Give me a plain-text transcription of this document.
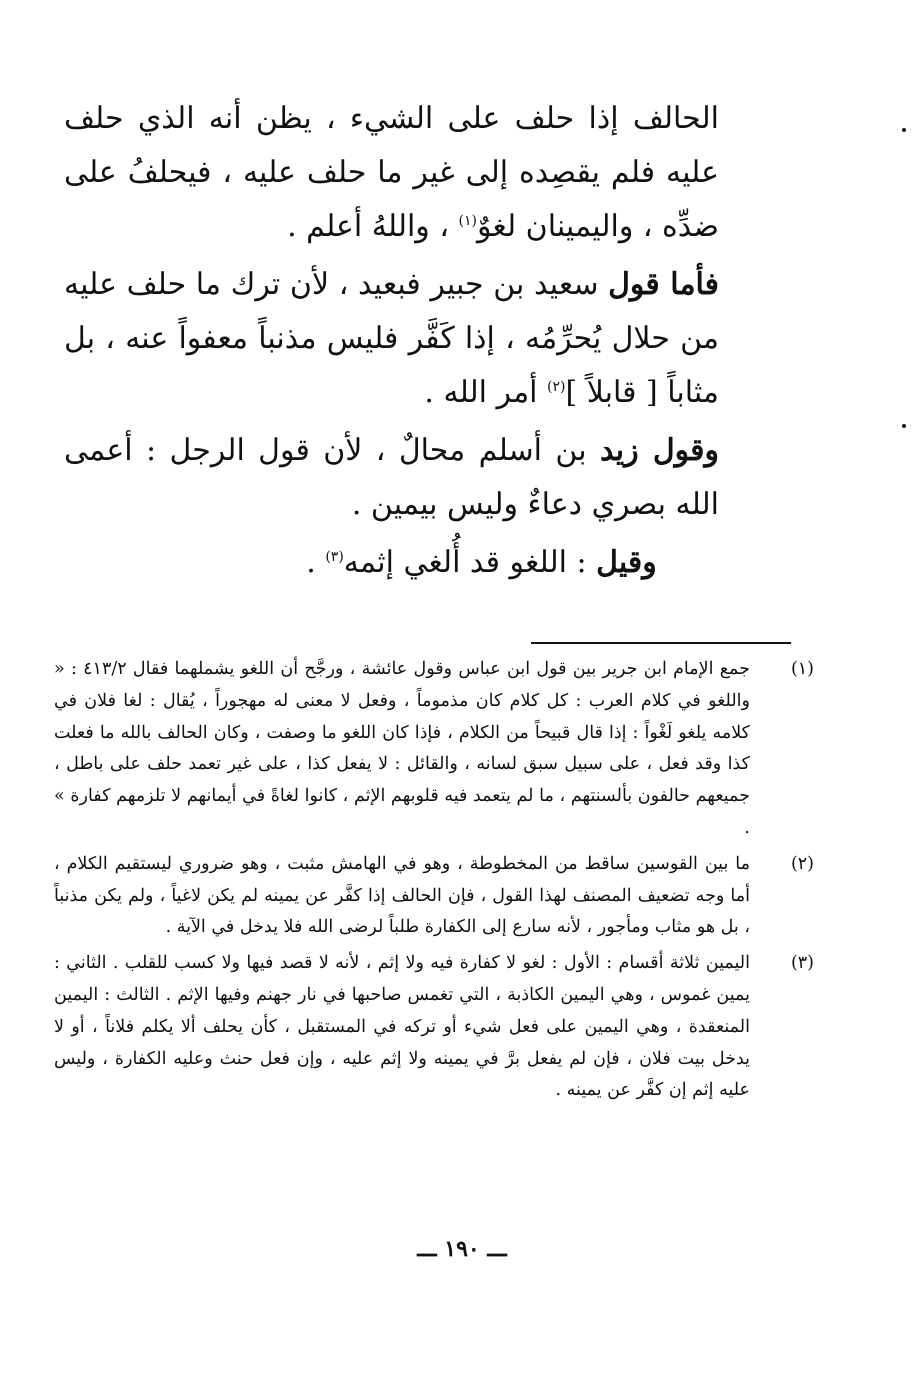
الحالف إذا حلف على الشيء ، يظن أنه الذي حلف عليه فلم يقصِده إلى غير ما حلف عليه ، فيحلفُ على ضدِّه ، واليمينان لغوٌ$^{(١)}$ ، واللهُ أعلم .

فأما قول سعيد بن جبير فبعيد ، لأن ترك ما حلف عليه من حلال يُحرِّمُه ، إذا كَفَّر فليس مذنباً معفواً عنه ، بل مثاباً [ قابلاً ]$^{(٢)}$ أمر الله .

وقول زيد بن أسلم محالٌ ، لأن قول الرجل : أعمى الله بصري دعاءٌ وليس بيمين .

وقيل : اللغو قد أُلغي إثمه$^{(٣)}$ .

(١)
جمع الإمام ابن جرير بين قول ابن عباس وقول عائشة ، ورجَّح أن اللغو يشملهما فقال ٤١٣/٢ : « واللغو في كلام العرب : كل كلام كان مذموماً ، وفعل لا معنى له مهجوراً ، يُقال : لغا فلان في كلامه يلغو لَغْواً : إذا قال قبيحاً من الكلام ، فإذا كان اللغو ما وصفت ، وكان الحالف بالله ما فعلت كذا وقد فعل ، على سبيل سبق لسانه ، والقائل : لا يفعل كذا ، على غير تعمد حلف على باطل ، جميعهم حالفون بألسنتهم ، ما لم يتعمد فيه قلوبهم الإثم ، كانوا لغاةً في أيمانهم لا تلزمهم كفارة » .
(٢)
ما بين القوسين ساقط من المخطوطة ، وهو في الهامش مثبت ، وهو ضروري ليستقيم الكلام ، أما وجه تضعيف المصنف لهذا القول ، فإن الحالف إذا كفَّر عن يمينه لم يكن لاغياً ، ولم يكن مذنباً ، بل هو مثاب ومأجور ، لأنه سارع إلى الكفارة طلباً لرضى الله فلا يدخل في الآية .
(٣)
اليمين ثلاثة أقسام : الأول : لغو لا كفارة فيه ولا إثم ، لأنه لا قصد فيها ولا كسب للقلب . الثاني : يمين غموس ، وهي اليمين الكاذبة ، التي تغمس صاحبها في نار جهنم وفيها الإثم . الثالث : اليمين المنعقدة ، وهي اليمين على فعل شيء أو تركه في المستقبل ، كأن يحلف ألا يكلم فلاناً ، أو لا يدخل بيت فلان ، فإن لم يفعل برَّ في يمينه ولا إثم عليه ، وإن فعل حنث وعليه الكفارة ، وليس عليه إثم إن كفَّر عن يمينه .
ـــ ١٩٠ ـــ
